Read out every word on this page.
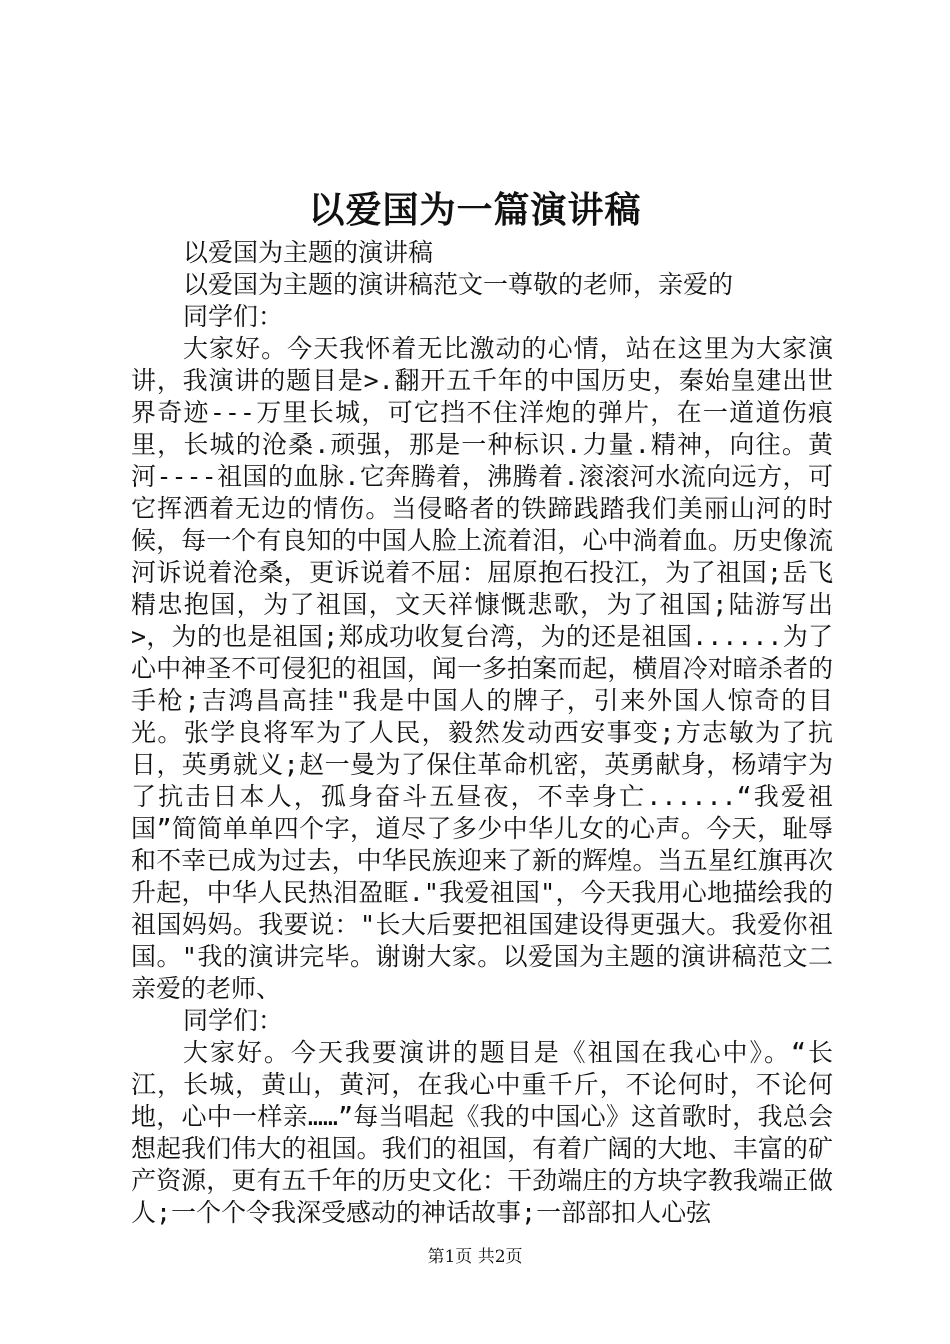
以爱国为一篇演讲稿

以爱国为主题的演讲稿

以爱国为主题的演讲稿范文一尊敬的老师，亲爱的

同学们：

大家好。今天我怀着无比激动的心情，站在这里为大家演讲，我演讲的题目是>.翻开五千年的中国历史，秦始皇建出世界奇迹---万里长城，可它挡不住洋炮的弹片，在一道道伤痕里，长城的沧桑.顽强，那是一种标识.力量.精神，向往。黄河----祖国的血脉.它奔腾着，沸腾着.滚滚河水流向远方，可它挥洒着无边的情伤。当侵略者的铁蹄践踏我们美丽山河的时候，每一个有良知的中国人脸上流着泪，心中淌着血。历史像流河诉说着沧桑，更诉说着不屈：屈原抱石投江，为了祖国;岳飞精忠抱国，为了祖国，文天祥慷慨悲歌，为了祖国;陆游写出>，为的也是祖国;郑成功收复台湾，为的还是祖国......为了心中神圣不可侵犯的祖国，闻一多拍案而起，横眉冷对暗杀者的手枪;吉鸿昌高挂"我是中国人的牌子，引来外国人惊奇的目光。张学良将军为了人民，毅然发动西安事变;方志敏为了抗日，英勇就义;赵一曼为了保住革命机密，英勇献身，杨靖宇为了抗击日本人，孤身奋斗五昼夜，不幸身亡......“我爱祖国”简简单单四个字，道尽了多少中华儿女的心声。今天，耻辱和不幸已成为过去，中华民族迎来了新的辉煌。当五星红旗再次升起，中华人民热泪盈眶."我爱祖国"，今天我用心地描绘我的祖国妈妈。我要说："长大后要把祖国建设得更强大。我爱你祖国。"我的演讲完毕。谢谢大家。以爱国为主题的演讲稿范文二亲爱的老师、

同学们：

大家好。今天我要演讲的题目是《祖国在我心中》。“长江，长城，黄山，黄河，在我心中重千斤，不论何时，不论何地，心中一样亲……”每当唱起《我的中国心》这首歌时，我总会想起我们伟大的祖国。我们的祖国，有着广阔的大地、丰富的矿产资源，更有五千年的历史文化：干劲端庄的方块字教我端正做人;一个个令我深受感动的神话故事;一部部扣人心弦

第1页 共2页
